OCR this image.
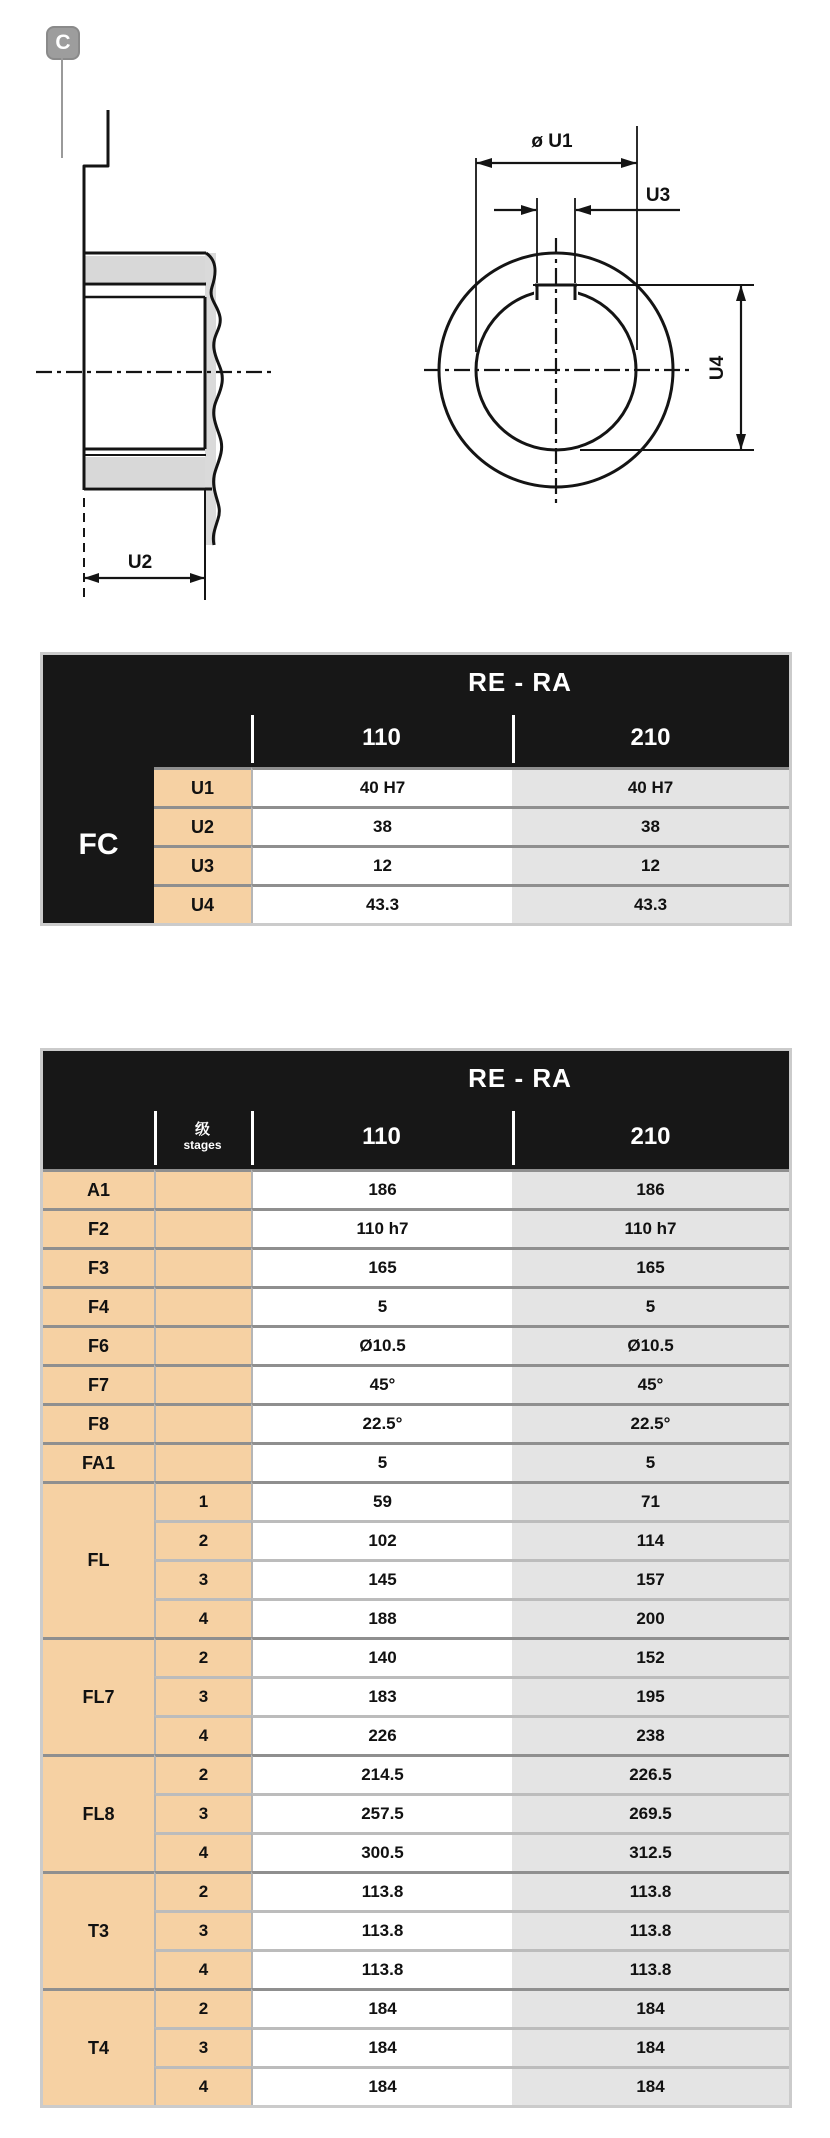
C
U2
ø U1
U3
U4
RE - RA
110	210
FC
U1	40 H7	40 H7
U2	38	38
U3	12	12
U4	43.3	43.3
RE - RA
级
stages	110	210
A1	186	186
F2	110 h7	110 h7
F3	165	165
F4	5	5
F6	Ø10.5	Ø10.5
F7	45°	45°
F8	22.5°	22.5°
FA1	5	5
FL
1	59	71
2	102	114
3	145	157
4	188	200
FL7
2	140	152
3	183	195
4	226	238
FL8
2	214.5	226.5
3	257.5	269.5
4	300.5	312.5
T3
2	113.8	113.8
3	113.8	113.8
4	113.8	113.8
T4
2	184	184
3	184	184
4	184	184
